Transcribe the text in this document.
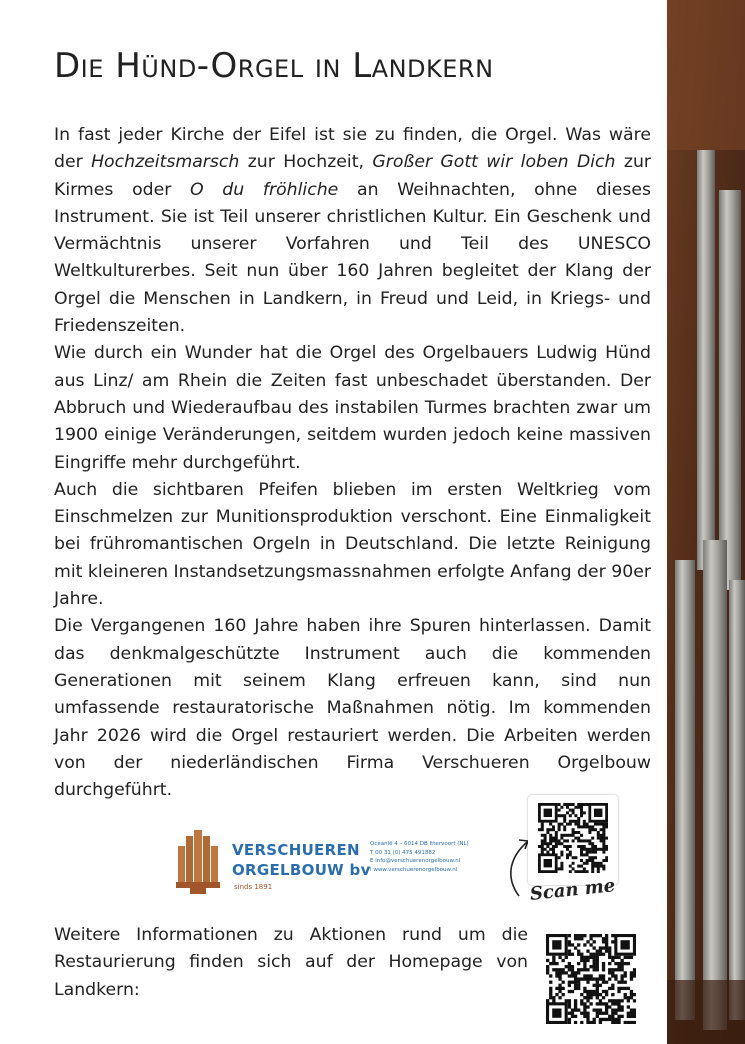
Die Hünd-Orgel in Landkern

In fast jeder Kirche der Eifel ist sie zu finden, die Orgel. Was wäre der Hochzeitsmarsch zur Hochzeit, Großer Gott wir loben Dich zur Kirmes oder O du fröhliche an Weihnachten, ohne dieses Instrument. Sie ist Teil unserer christlichen Kultur. Ein Geschenk und Vermächtnis unserer Vorfahren und Teil des UNESCO Weltkulturerbes. Seit nun über 160 Jahren begleitet der Klang der Orgel die Menschen in Landkern, in Freud und Leid, in Kriegs- und Friedenszeiten.

Wie durch ein Wunder hat die Orgel des Orgelbauers Ludwig Hünd aus Linz/ am Rhein die Zeiten fast unbeschadet überstanden. Der Abbruch und Wiederaufbau des instabilen Turmes brachten zwar um 1900 einige Veränderungen, seitdem wurden jedoch keine massiven Eingriffe mehr durchgeführt.

Auch die sichtbaren Pfeifen blieben im ersten Weltkrieg vom Einschmelzen zur Munitionsproduktion verschont. Eine Einmaligkeit bei frühromantischen Orgeln in Deutschland. Die letzte Reinigung mit kleineren Instandsetzungsmassnahmen erfolgte Anfang der 90er Jahre.

Die Vergangenen 160 Jahre haben ihre Spuren hinterlassen. Damit das denkmalgeschützte Instrument auch die kommenden Generationen mit seinem Klang erfreuen kann, sind nun umfassende restauratorische Maßnahmen nötig. Im kommenden Jahr 2026 wird die Orgel restauriert werden. Die Arbeiten werden von der niederländischen Firma Verschueren Orgelbouw durchgeführt.

VERSCHUEREN
ORGELBOUW bv
sinds 1891
Oceanië 4 – 6014 DB Ittervoort (NL)
T 00 31 (0) 475 491882
E info@verschuerenorgelbouw.nl
I www.verschuerenorgelbouw.nl
Scan me

Weitere Informationen zu Aktionen rund um die Restaurierung finden sich auf der Homepage von Landkern:
